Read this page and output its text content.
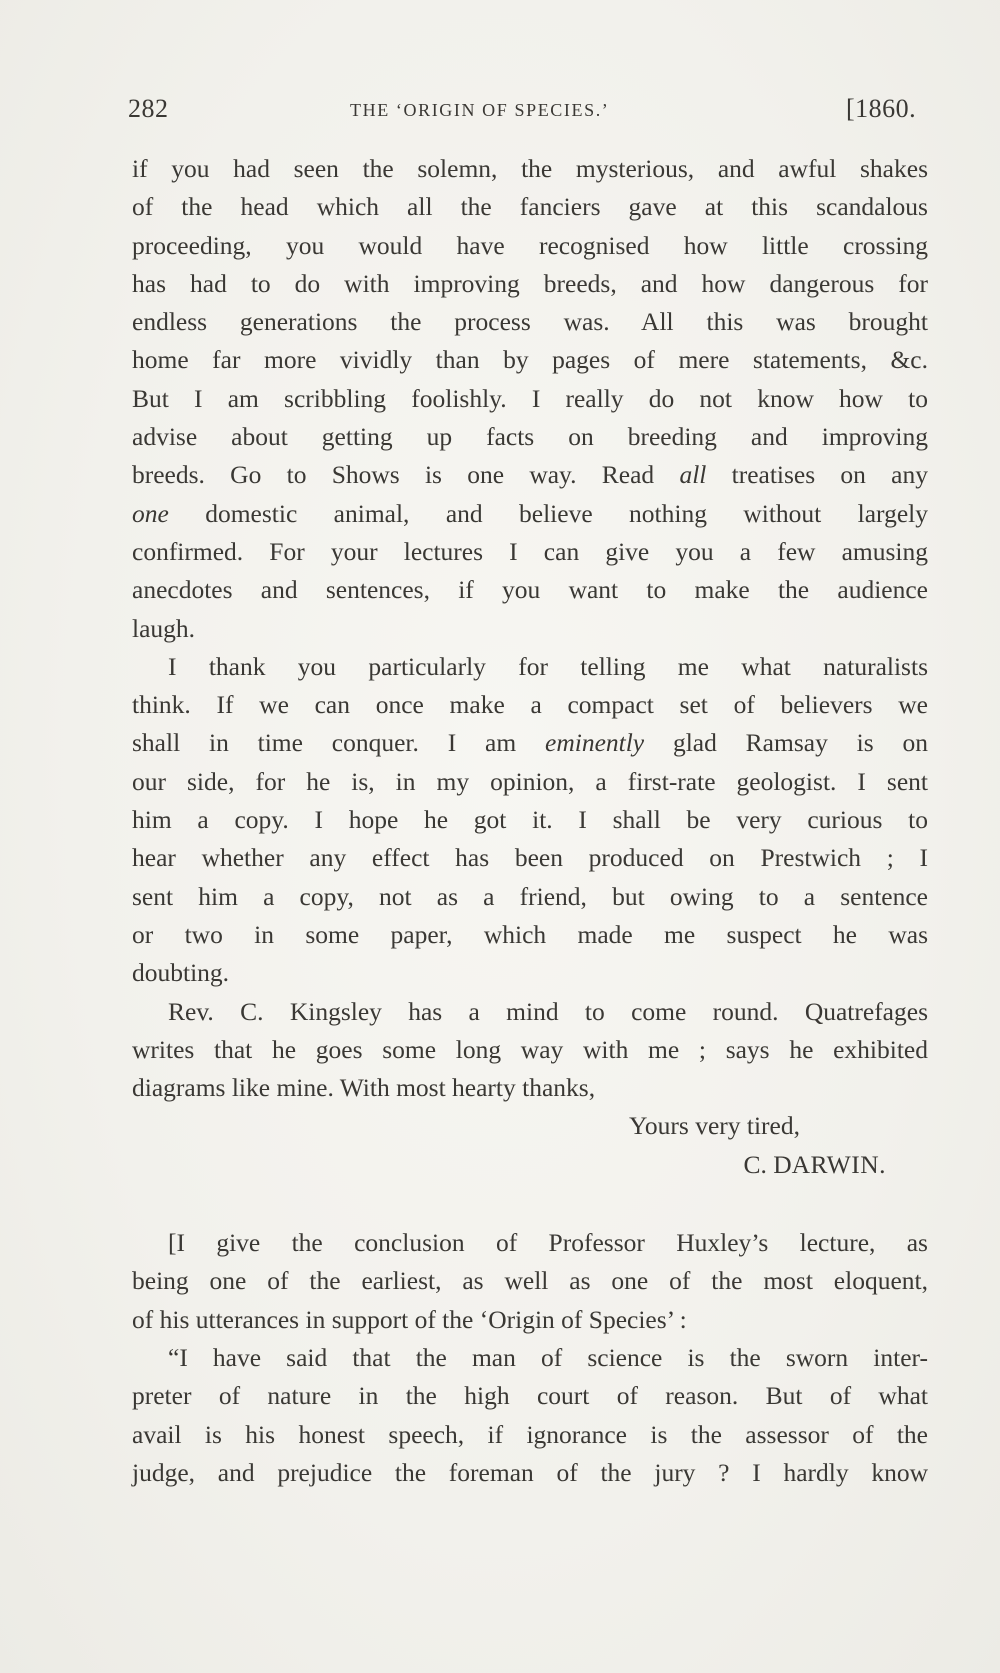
282	THE ‘ORIGIN OF SPECIES.’	[1860.
if you had seen the solemn, the mysterious, and awful shakes
of the head which all the fanciers gave at this scandalous
proceeding, you would have recognised how little crossing
has had to do with improving breeds, and how dangerous for
endless generations the process was. All this was brought
home far more vividly than by pages of mere statements, &c.
But I am scribbling foolishly. I really do not know how to
advise about getting up facts on breeding and improving
breeds. Go to Shows is one way. Read all treatises on any
one domestic animal, and believe nothing without largely
confirmed. For your lectures I can give you a few amusing
anecdotes and sentences, if you want to make the audience
laugh.
I thank you particularly for telling me what naturalists
think. If we can once make a compact set of believers we
shall in time conquer. I am eminently glad Ramsay is on
our side, for he is, in my opinion, a first-rate geologist. I sent
him a copy. I hope he got it. I shall be very curious to
hear whether any effect has been produced on Prestwich ; I
sent him a copy, not as a friend, but owing to a sentence
or two in some paper, which made me suspect he was
doubting.
Rev. C. Kingsley has a mind to come round. Quatrefages
writes that he goes some long way with me ; says he exhibited
diagrams like mine. With most hearty thanks,
Yours very tired,
C. DARWIN.
[I give the conclusion of Professor Huxley’s lecture, as
being one of the earliest, as well as one of the most eloquent,
of his utterances in support of the ‘Origin of Species’ :
“I have said that the man of science is the sworn inter-
preter of nature in the high court of reason. But of what
avail is his honest speech, if ignorance is the assessor of the
judge, and prejudice the foreman of the jury ? I hardly know
